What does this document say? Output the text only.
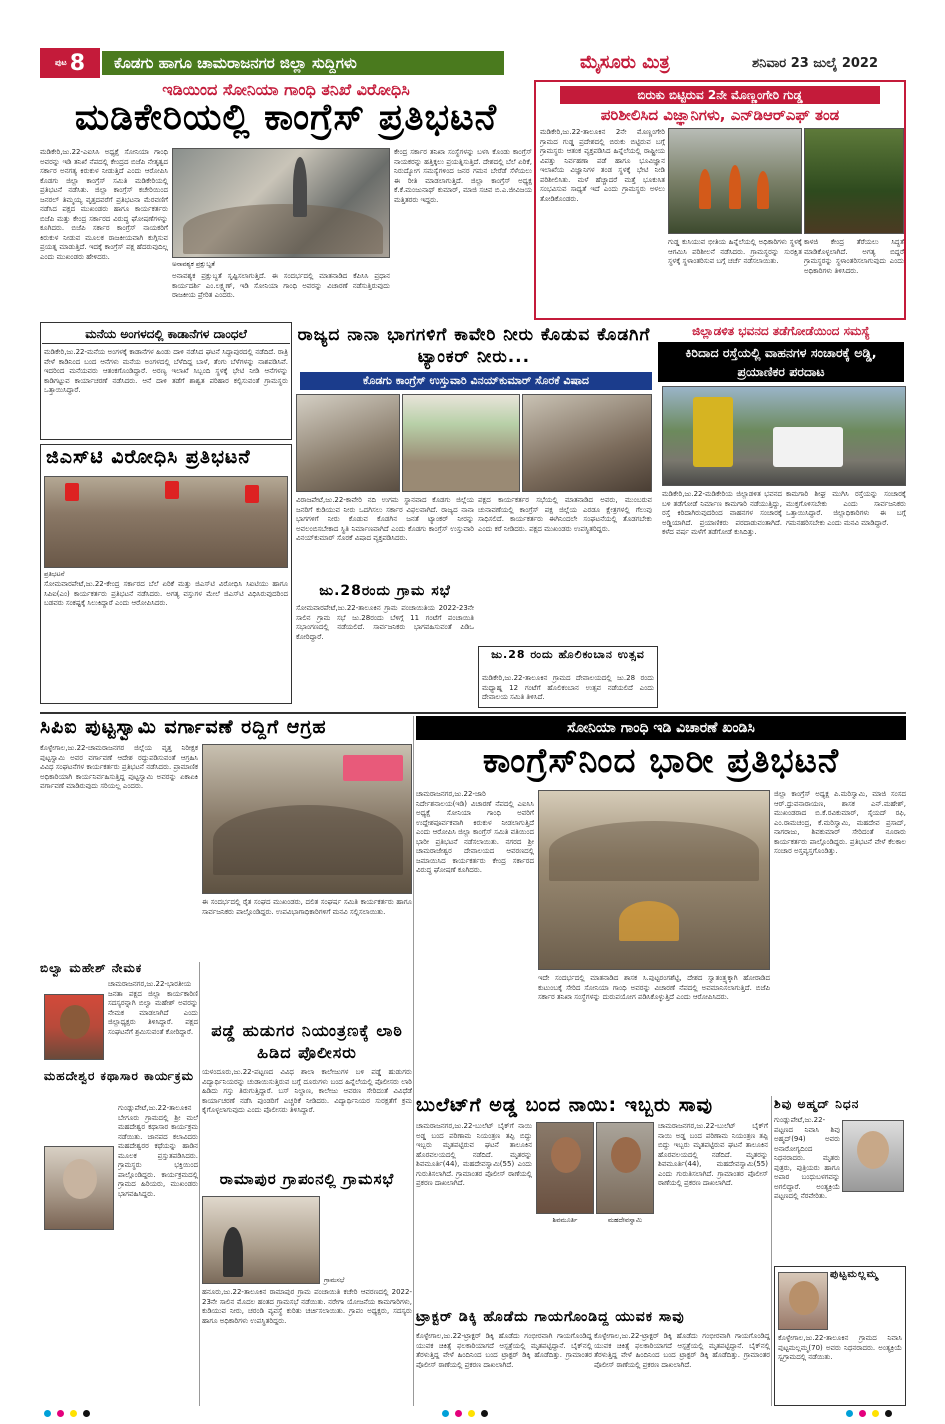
ಪುಟ 8 ಕೊಡಗು ಹಾಗೂ ಚಾಮರಾಜನಗರ ಜಿಲ್ಲಾ ಸುದ್ದಿಗಳು	ಮೈಸೂರು ಮಿತ್ರ	ಶನಿವಾರ 23 ಜುಲೈ 2022
ಇಡಿಯಿಂದ ಸೋನಿಯಾ ಗಾಂಧಿ ತನಿಖೆ ವಿರೋಧಿಸಿ
ಮಡಿಕೇರಿಯಲ್ಲಿ ಕಾಂಗ್ರೆಸ್ ಪ್ರತಿಭಟನೆ
ಮಡಿಕೇರಿ,ಜು.22-ಎಐಸಿಸಿ ಅಧ್ಯಕ್ಷೆ ಸೋನಿಯಾ ಗಾಂಧಿ ಅವರನ್ನು ಇಡಿ ತನಿಖೆ ನೆಪದಲ್ಲಿ ಕೇಂದ್ರದ ಬಿಜೆಪಿ ನೇತೃತ್ವದ ಸರ್ಕಾರ ಅನಗತ್ಯ ಕಿರುಕುಳ ನೀಡುತ್ತಿದೆ ಎಂದು ಆರೋಪಿಸಿ ಕೊಡಗು ಜಿಲ್ಲಾ ಕಾಂಗ್ರೆಸ್ ಸಮಿತಿ ಮಡಿಕೇರಿಯಲ್ಲಿ ಪ್ರತಿಭಟನೆ ನಡೆಸಿತು. ಜಿಲ್ಲಾ ಕಾಂಗ್ರೆಸ್ ಕಚೇರಿಯಿಂದ ಜನರಲ್ ತಿಮ್ಮಯ್ಯ ವೃತ್ತದವರೆಗೆ ಪ್ರತಿಭಟನಾ ಮೆರವಣಿಗೆ ನಡೆಸಿದ ಪಕ್ಷದ ಮುಖಂಡರು ಹಾಗೂ ಕಾರ್ಯಕರ್ತರು ಬಿಜೆಪಿ ಮತ್ತು ಕೇಂದ್ರ ಸರ್ಕಾರದ ವಿರುದ್ಧ ಘೋಷಣೆಗಳನ್ನು ಕೂಗಿದರು. ಬಿಜೆಪಿ ಸರ್ಕಾರ ಕಾಂಗ್ರೆಸ್ ನಾಯಕರಿಗೆ ಕಿರುಕುಳ ನೀಡುವ ಮೂಲಕ ರಾಜಕೀಯವಾಗಿ ಕುಗ್ಗಿಸುವ ಪ್ರಯತ್ನ ಮಾಡುತ್ತಿದೆ. ಇದಕ್ಕೆ ಕಾಂಗ್ರೆಸ್ ಪಕ್ಷ ಹೆದರುವುದಿಲ್ಲ ಎಂದು ಮುಖಂಡರು ಹೇಳಿದರು.
ಕೇಂದ್ರ ಸರ್ಕಾರ ತನಿಖಾ ಸಂಸ್ಥೆಗಳನ್ನು ಬಳಸಿ ಕೊಂಡು ಕಾಂಗ್ರೆಸ್ ನಾಯಕರನ್ನು ಹತ್ತಿಕ್ಕಲು ಪ್ರಯತ್ನಿಸುತ್ತಿದೆ. ದೇಶದಲ್ಲಿ ಬೆಲೆ ಏರಿಕೆ, ನಿರುದ್ಯೋಗ ಸಮಸ್ಯೆಗಳಿಂದ ಜನರ ಗಮನ ಬೇರೆಡೆ ಸೆಳೆಯಲು ಈ ರೀತಿ ಮಾಡಲಾಗುತ್ತಿದೆ. ಜಿಲ್ಲಾ ಕಾಂಗ್ರೆಸ್ ಅಧ್ಯಕ್ಷ ಕೆ.ಕೆ.ಮಂಜುನಾಥ್ ಕುಮಾರ್, ಮಾಜಿ ಸಚಿವ ಬಿ.ಎ.ಜೀವಿಜಯ ಮತ್ತಿತರರು ಇದ್ದರು.
ಅನಾವಶ್ಯಕ ಪ್ರಕ್ಷುಬ್ಧತೆ
ಅನಾವಶ್ಯಕ ಪ್ರಕ್ಷುಬ್ಧತೆ ಸೃಷ್ಟಿಸಲಾಗುತ್ತಿದೆ. ಈ ಸಂದರ್ಭದಲ್ಲಿ ಮಾತನಾಡಿದ ಕೆಪಿಸಿಸಿ ಪ್ರಧಾನ ಕಾರ್ಯದರ್ಶಿ ಎಂ.ಲಕ್ಷ್ಮಣ್, ಇಡಿ ಸೋನಿಯಾ ಗಾಂಧಿ ಅವರನ್ನು ವಿಚಾರಣೆ ನಡೆಸುತ್ತಿರುವುದು ರಾಜಕೀಯ ಪ್ರೇರಿತ ಎಂದರು.
ಬಿರುಕು ಬಿಟ್ಟಿರುವ 2ನೇ ಮೊಣ್ಣಂಗೇರಿ ಗುಡ್ಡ
ಪರಿಶೀಲಿಸಿದ ವಿಜ್ಞಾನಿಗಳು, ಎನ್‌ಡಿಆರ್‌ಎಫ್ ತಂಡ
ಮಡಿಕೇರಿ,ಜು.22-ತಾಲೂಕಿನ 2ನೇ ಮೊಣ್ಣಂಗೇರಿ ಗ್ರಾಮದ ಗುಡ್ಡ ಪ್ರದೇಶದಲ್ಲಿ ಬಿರುಕು ಬಿಟ್ಟಿರುವ ಬಗ್ಗೆ ಗ್ರಾಮಸ್ಥರು ಆತಂಕ ವ್ಯಕ್ತಪಡಿಸಿದ ಹಿನ್ನೆಲೆಯಲ್ಲಿ ರಾಷ್ಟ್ರೀಯ ವಿಪತ್ತು ನಿರ್ವಹಣಾ ಪಡೆ ಹಾಗೂ ಭೂವಿಜ್ಞಾನ ಇಲಾಖೆಯ ವಿಜ್ಞಾನಿಗಳ ತಂಡ ಸ್ಥಳಕ್ಕೆ ಭೇಟಿ ನೀಡಿ ಪರಿಶೀಲಿಸಿತು. ಮಳೆ ಹೆಚ್ಚಾದರೆ ಮತ್ತೆ ಭೂಕುಸಿತ ಸಂಭವಿಸುವ ಸಾಧ್ಯತೆ ಇದೆ ಎಂದು ಗ್ರಾಮಸ್ಥರು ಅಳಲು ತೋಡಿಕೊಂಡರು.
ಗುಡ್ಡ ಕುಸಿಯುವ ಭೀತಿಯ ಹಿನ್ನೆಲೆಯಲ್ಲಿ ಅಧಿಕಾರಿಗಳು ಸ್ಥಳಕ್ಕೆ ಆಗಮಿಸಿ ಪರಿಶೀಲನೆ ನಡೆಸಿದರು. ಗ್ರಾಮಸ್ಥರನ್ನು ಸುರಕ್ಷಿತ ಸ್ಥಳಕ್ಕೆ ಸ್ಥಳಾಂತರಿಸುವ ಬಗ್ಗೆ ಚರ್ಚೆ ನಡೆಸಲಾಯಿತು.
ಕಾಳಜಿ ಕೇಂದ್ರ ತೆರೆಯಲು ಸಿದ್ಧತೆ ಮಾಡಿಕೊಳ್ಳಲಾಗಿದೆ. ಅಗತ್ಯ ಬಿದ್ದರೆ ಗ್ರಾಮಸ್ಥರನ್ನು ಸ್ಥಳಾಂತರಿಸಲಾಗುವುದು ಎಂದು ಅಧಿಕಾರಿಗಳು ತಿಳಿಸಿದರು.
ಮನೆಯ ಅಂಗಳದಲ್ಲಿ ಕಾಡಾನೆಗಳ ದಾಂಧಲೆ
ಮಡಿಕೇರಿ,ಜು.22-ಮನೆಯ ಅಂಗಳಕ್ಕೆ ಕಾಡಾನೆಗಳ ಹಿಂಡು ದಾಳಿ ನಡೆಸಿದ ಘಟನೆ ಸಿದ್ದಾಪುರದಲ್ಲಿ ನಡೆದಿದೆ. ರಾತ್ರಿ ವೇಳೆ ಕಾಡಿನಿಂದ ಬಂದ ಆನೆಗಳು ಮನೆಯ ಅಂಗಳದಲ್ಲಿ ಬೆಳೆದಿದ್ದ ಬಾಳೆ, ತೆಂಗು ಬೆಳೆಗಳನ್ನು ನಾಶಪಡಿಸಿವೆ. ಇದರಿಂದ ಮನೆಯವರು ಆತಂಕಗೊಂಡಿದ್ದಾರೆ. ಅರಣ್ಯ ಇಲಾಖೆ ಸಿಬ್ಬಂದಿ ಸ್ಥಳಕ್ಕೆ ಭೇಟಿ ನೀಡಿ ಆನೆಗಳನ್ನು ಕಾಡಿಗಟ್ಟುವ ಕಾರ್ಯಾಚರಣೆ ನಡೆಸಿದರು. ಆನೆ ದಾಳಿ ತಡೆಗೆ ಶಾಶ್ವತ ಪರಿಹಾರ ಕಲ್ಪಿಸುವಂತೆ ಗ್ರಾಮಸ್ಥರು ಒತ್ತಾಯಿಸಿದ್ದಾರೆ.
ರಾಜ್ಯದ ನಾನಾ ಭಾಗಗಳಿಗೆ ಕಾವೇರಿ ನೀರು ಕೊಡುವ ಕೊಡಗಿಗೆ ಟ್ಯಾಂಕರ್ ನೀರು...
ಕೊಡಗು ಕಾಂಗ್ರೆಸ್ ಉಸ್ತುವಾರಿ ವಿನಯ್‌ಕುಮಾರ್ ಸೊರಕೆ ವಿಷಾದ
ವಿರಾಜಪೇಟೆ,ಜು.22-ಕಾವೇರಿ ನದಿ ಉಗಮ ಸ್ಥಾನವಾದ ಕೊಡಗು ಜಿಲ್ಲೆಯ ಜನರಿಗೆ ಕುಡಿಯುವ ನೀರು ಒದಗಿಸಲು ಸರ್ಕಾರ ವಿಫಲವಾಗಿದೆ. ರಾಜ್ಯದ ನಾನಾ ಭಾಗಗಳಿಗೆ ನೀರು ಕೊಡುವ ಕೊಡಗಿನ ಜನತೆ ಟ್ಯಾಂಕರ್ ನೀರನ್ನು ಅವಲಂಬಿಸಬೇಕಾದ ಸ್ಥಿತಿ ನಿರ್ಮಾಣವಾಗಿದೆ ಎಂದು ಕೊಡಗು ಕಾಂಗ್ರೆಸ್ ಉಸ್ತುವಾರಿ ವಿನಯ್‌ಕುಮಾರ್ ಸೊರಕೆ ವಿಷಾದ ವ್ಯಕ್ತಪಡಿಸಿದರು.
ಪಕ್ಷದ ಕಾರ್ಯಕರ್ತರ ಸಭೆಯಲ್ಲಿ ಮಾತನಾಡಿದ ಅವರು, ಮುಂಬರುವ ಚುನಾವಣೆಯಲ್ಲಿ ಕಾಂಗ್ರೆಸ್ ಪಕ್ಷ ಜಿಲ್ಲೆಯ ಎರಡೂ ಕ್ಷೇತ್ರಗಳಲ್ಲಿ ಗೆಲುವು ಸಾಧಿಸಲಿದೆ. ಕಾರ್ಯಕರ್ತರು ಈಗಿನಿಂದಲೇ ಸಂಘಟನೆಯಲ್ಲಿ ತೊಡಗಬೇಕು ಎಂದು ಕರೆ ನೀಡಿದರು. ಪಕ್ಷದ ಮುಖಂಡರು ಉಪಸ್ಥಿತರಿದ್ದರು.
ಜಿಲ್ಲಾಡಳಿತ ಭವನದ ತಡೆಗೋಡೆಯಿಂದ ಸಮಸ್ಯೆ
ಕಿರಿದಾದ ರಸ್ತೆಯಲ್ಲಿ ವಾಹನಗಳ ಸಂಚಾರಕ್ಕೆ ಅಡ್ಡಿ, ಪ್ರಯಾಣಿಕರ ಪರದಾಟ
ಮಡಿಕೇರಿ,ಜು.22-ಮಡಿಕೇರಿಯ ಜಿಲ್ಲಾಡಳಿತ ಭವನದ ಬಳಿ ತಡೆಗೋಡೆ ನಿರ್ಮಾಣ ಕಾಮಗಾರಿ ನಡೆಯುತ್ತಿದ್ದು, ರಸ್ತೆ ಕಿರಿದಾಗಿರುವುದರಿಂದ ವಾಹನಗಳ ಸಂಚಾರಕ್ಕೆ ಅಡ್ಡಿಯಾಗಿದೆ. ಪ್ರಯಾಣಿಕರು ಪರದಾಡುವಂತಾಗಿದೆ. ಕಳೆದ ವರ್ಷ ಮಳೆಗೆ ತಡೆಗೋಡೆ ಕುಸಿದಿತ್ತು.
ಕಾಮಗಾರಿ ಶೀಘ್ರ ಮುಗಿಸಿ ರಸ್ತೆಯನ್ನು ಸಂಚಾರಕ್ಕೆ ಮುಕ್ತಗೊಳಿಸಬೇಕು ಎಂದು ಸಾರ್ವಜನಿಕರು ಒತ್ತಾಯಿಸಿದ್ದಾರೆ. ಜಿಲ್ಲಾಧಿಕಾರಿಗಳು ಈ ಬಗ್ಗೆ ಗಮನಹರಿಸಬೇಕು ಎಂದು ಮನವಿ ಮಾಡಿದ್ದಾರೆ.
ಜಿಎಸ್‌ಟಿ ವಿರೋಧಿಸಿ ಪ್ರತಿಭಟನೆ
ಪ್ರತಿಭಟನೆ
ಸೋಮವಾರಪೇಟೆ,ಜು.22-ಕೇಂದ್ರ ಸರ್ಕಾರದ ಬೆಲೆ ಏರಿಕೆ ಮತ್ತು ಜಿಎಸ್‌ಟಿ ವಿರೋಧಿಸಿ ಸಿಐಟಿಯು ಹಾಗೂ ಸಿಪಿಐ(ಎಂ) ಕಾರ್ಯಕರ್ತರು ಪ್ರತಿಭಟನೆ ನಡೆಸಿದರು. ಅಗತ್ಯ ವಸ್ತುಗಳ ಮೇಲೆ ಜಿಎಸ್‌ಟಿ ವಿಧಿಸಿರುವುದರಿಂದ ಬಡವರು ಸಂಕಷ್ಟಕ್ಕೆ ಸಿಲುಕಿದ್ದಾರೆ ಎಂದು ಆರೋಪಿಸಿದರು.
ಜು.28ರಂದು ಗ್ರಾಮ ಸಭೆ
ಸೋಮವಾರಪೇಟೆ,ಜು.22-ತಾಲೂಕಿನ ಗ್ರಾಮ ಪಂಚಾಯಿತಿಯ 2022-23ನೇ ಸಾಲಿನ ಗ್ರಾಮ ಸಭೆ ಜು.28ರಂದು ಬೆಳಿಗ್ಗೆ 11 ಗಂಟೆಗೆ ಪಂಚಾಯಿತಿ ಸಭಾಂಗಣದಲ್ಲಿ ನಡೆಯಲಿದೆ. ಸಾರ್ವಜನಿಕರು ಭಾಗವಹಿಸುವಂತೆ ಪಿಡಿಒ ಕೋರಿದ್ದಾರೆ.
ಜು.28 ರಂದು ಹೊಲಿಕಂಬಾನ ಉತ್ಸವ
ಮಡಿಕೇರಿ,ಜು.22-ತಾಲೂಕಿನ ಗ್ರಾಮದ ದೇವಾಲಯದಲ್ಲಿ ಜು.28 ರಂದು ಮಧ್ಯಾಹ್ನ 12 ಗಂಟೆಗೆ ಹೊಲಿಕಂಬಾನ ಉತ್ಸವ ನಡೆಯಲಿದೆ ಎಂದು ದೇವಾಲಯ ಸಮಿತಿ ತಿಳಿಸಿದೆ.
ಸಿಪಿಐ ಪುಟ್ಟಸ್ವಾಮಿ ವರ್ಗಾವಣೆ ರದ್ದಿಗೆ ಆಗ್ರಹ
ಕೊಳ್ಳೇಗಾಲ,ಜು.22-ಚಾಮರಾಜನಗರ ಜಿಲ್ಲೆಯ ವೃತ್ತ ನಿರೀಕ್ಷಕ ಪುಟ್ಟಸ್ವಾಮಿ ಅವರ ವರ್ಗಾವಣೆ ಆದೇಶ ರದ್ದುಪಡಿಸುವಂತೆ ಆಗ್ರಹಿಸಿ ವಿವಿಧ ಸಂಘಟನೆಗಳ ಕಾರ್ಯಕರ್ತರು ಪ್ರತಿಭಟನೆ ನಡೆಸಿದರು. ಪ್ರಾಮಾಣಿಕ ಅಧಿಕಾರಿಯಾಗಿ ಕಾರ್ಯನಿರ್ವಹಿಸುತ್ತಿದ್ದ ಪುಟ್ಟಸ್ವಾಮಿ ಅವರನ್ನು ಏಕಾಏಕಿ ವರ್ಗಾವಣೆ ಮಾಡಿರುವುದು ಸರಿಯಲ್ಲ ಎಂದರು.
ಈ ಸಂದರ್ಭದಲ್ಲಿ ರೈತ ಸಂಘದ ಮುಖಂಡರು, ದಲಿತ ಸಂಘರ್ಷ ಸಮಿತಿ ಕಾರ್ಯಕರ್ತರು ಹಾಗೂ ಸಾರ್ವಜನಿಕರು ಪಾಲ್ಗೊಂಡಿದ್ದರು. ಉಪವಿಭಾಗಾಧಿಕಾರಿಗಳಿಗೆ ಮನವಿ ಸಲ್ಲಿಸಲಾಯಿತು.
ಸೋನಿಯಾ ಗಾಂಧಿ ಇಡಿ ವಿಚಾರಣೆ ಖಂಡಿಸಿ
ಕಾಂಗ್ರೆಸ್‌ನಿಂದ ಭಾರೀ ಪ್ರತಿಭಟನೆ
ಚಾಮರಾಜನಗರ,ಜು.22-ಜಾರಿ ನಿರ್ದೇಶನಾಲಯ(ಇಡಿ) ವಿಚಾರಣೆ ನೆಪದಲ್ಲಿ ಎಐಸಿಸಿ ಅಧ್ಯಕ್ಷೆ ಸೋನಿಯಾ ಗಾಂಧಿ ಅವರಿಗೆ ಉದ್ದೇಶಪೂರ್ವಕವಾಗಿ ಕಿರುಕುಳ ನೀಡಲಾಗುತ್ತಿದೆ ಎಂದು ಆರೋಪಿಸಿ ಜಿಲ್ಲಾ ಕಾಂಗ್ರೆಸ್ ಸಮಿತಿ ವತಿಯಿಂದ ಭಾರೀ ಪ್ರತಿಭಟನೆ ನಡೆಸಲಾಯಿತು. ನಗರದ ಶ್ರೀ ಚಾಮರಾಜೇಶ್ವರ ದೇವಾಲಯದ ಆವರಣದಲ್ಲಿ ಜಮಾಯಿಸಿದ ಕಾರ್ಯಕರ್ತರು ಕೇಂದ್ರ ಸರ್ಕಾರದ ವಿರುದ್ಧ ಘೋಷಣೆ ಕೂಗಿದರು.
ಇದೇ ಸಂದರ್ಭದಲ್ಲಿ ಮಾತನಾಡಿದ ಶಾಸಕ ಸಿ.ಪುಟ್ಟರಂಗಶೆಟ್ಟಿ, ದೇಶದ ಸ್ವಾತಂತ್ರ್ಯಕ್ಕಾಗಿ ಹೋರಾಡಿದ ಕುಟುಂಬಕ್ಕೆ ಸೇರಿದ ಸೋನಿಯಾ ಗಾಂಧಿ ಅವರನ್ನು ವಿಚಾರಣೆ ನೆಪದಲ್ಲಿ ಅವಮಾನಿಸಲಾಗುತ್ತಿದೆ. ಬಿಜೆಪಿ ಸರ್ಕಾರ ತನಿಖಾ ಸಂಸ್ಥೆಗಳನ್ನು ದುರುಪಯೋಗ ಪಡಿಸಿಕೊಳ್ಳುತ್ತಿದೆ ಎಂದು ಆರೋಪಿಸಿದರು.
ಜಿಲ್ಲಾ ಕಾಂಗ್ರೆಸ್ ಅಧ್ಯಕ್ಷ ಪಿ.ಮರಿಸ್ವಾಮಿ, ಮಾಜಿ ಸಂಸದ ಆರ್.ಧ್ರುವನಾರಾಯಣ, ಶಾಸಕ ಎನ್.ಮಹೇಶ್, ಮುಖಂಡರಾದ ಬಿ.ಕೆ.ರವಿಕುಮಾರ್, ಸೈಯದ್ ರಫಿ, ಎಂ.ರಾಮಚಂದ್ರ, ಕೆ.ಮರಿಸ್ವಾಮಿ, ಮಹದೇವ ಪ್ರಸಾದ್, ನಾಗರಾಜು, ಶಿವಕುಮಾರ್ ಸೇರಿದಂತೆ ನೂರಾರು ಕಾರ್ಯಕರ್ತರು ಪಾಲ್ಗೊಂಡಿದ್ದರು. ಪ್ರತಿಭಟನೆ ವೇಳೆ ಕೆಲಕಾಲ ಸಂಚಾರ ಅಸ್ತವ್ಯಸ್ತಗೊಂಡಿತ್ತು.
ಬಿಲ್ವಾ ಮಹೇಶ್ ನೇಮಕ
ಚಾಮರಾಜನಗರ,ಜು.22-ಭಾರತೀಯ ಜನತಾ ಪಕ್ಷದ ಜಿಲ್ಲಾ ಕಾರ್ಯಕಾರಿಣಿ ಸದಸ್ಯರನ್ನಾಗಿ ಬಿಲ್ವಾ ಮಹೇಶ್ ಅವರನ್ನು ನೇಮಕ ಮಾಡಲಾಗಿದೆ ಎಂದು ಜಿಲ್ಲಾಧ್ಯಕ್ಷರು ತಿಳಿಸಿದ್ದಾರೆ. ಪಕ್ಷದ ಸಂಘಟನೆಗೆ ಶ್ರಮಿಸುವಂತೆ ಕೋರಿದ್ದಾರೆ.
ಮಹದೇಶ್ವರ ಕಥಾಸಾರ ಕಾರ್ಯಕ್ರಮ
ಗುಂಡ್ಲುಪೇಟೆ,ಜು.22-ತಾಲೂಕಿನ ಬೇಗೂರು ಗ್ರಾಮದಲ್ಲಿ ಶ್ರೀ ಮಲೆ ಮಹದೇಶ್ವರ ಕಥಾಸಾರ ಕಾರ್ಯಕ್ರಮ ನಡೆಯಿತು. ಜಾನಪದ ಕಲಾವಿದರು ಮಹದೇಶ್ವರರ ಕಥೆಯನ್ನು ಹಾಡಿನ ಮೂಲಕ ಪ್ರಸ್ತುತಪಡಿಸಿದರು. ಗ್ರಾಮಸ್ಥರು ಭಕ್ತಿಯಿಂದ ಪಾಲ್ಗೊಂಡಿದ್ದರು. ಕಾರ್ಯಕ್ರಮದಲ್ಲಿ ಗ್ರಾಮದ ಹಿರಿಯರು, ಮುಖಂಡರು ಭಾಗವಹಿಸಿದ್ದರು.
ಪಡ್ಡೆ ಹುಡುಗರ ನಿಯಂತ್ರಣಕ್ಕೆ ಲಾಠಿ ಹಿಡಿದ ಪೊಲೀಸರು
ಯಳಂದೂರು,ಜು.22-ಪಟ್ಟಣದ ವಿವಿಧ ಶಾಲಾ ಕಾಲೇಜುಗಳ ಬಳಿ ಪಡ್ಡೆ ಹುಡುಗರು ವಿದ್ಯಾರ್ಥಿನಿಯರನ್ನು ಚುಡಾಯಿಸುತ್ತಿರುವ ಬಗ್ಗೆ ದೂರುಗಳು ಬಂದ ಹಿನ್ನೆಲೆಯಲ್ಲಿ ಪೊಲೀಸರು ಲಾಠಿ ಹಿಡಿದು ಗಸ್ತು ತಿರುಗುತ್ತಿದ್ದಾರೆ. ಬಸ್ ನಿಲ್ದಾಣ, ಕಾಲೇಜು ಆವರಣ ಸೇರಿದಂತೆ ವಿವಿಧೆಡೆ ಕಾರ್ಯಾಚರಣೆ ನಡೆಸಿ ಪುಂಡರಿಗೆ ಎಚ್ಚರಿಕೆ ನೀಡಿದರು. ವಿದ್ಯಾರ್ಥಿನಿಯರ ಸುರಕ್ಷತೆಗೆ ಕ್ರಮ ಕೈಗೊಳ್ಳಲಾಗುವುದು ಎಂದು ಪೊಲೀಸರು ತಿಳಿಸಿದ್ದಾರೆ.
ರಾಮಾಪುರ ಗ್ರಾಪಂನಲ್ಲಿ ಗ್ರಾಮಸಭೆ
ಗ್ರಾಮಸಭೆ
ಹನೂರು,ಜು.22-ತಾಲೂಕಿನ ರಾಮಾಪುರ ಗ್ರಾಮ ಪಂಚಾಯಿತಿ ಕಚೇರಿ ಆವರಣದಲ್ಲಿ 2022-23ನೇ ಸಾಲಿನ ಮೊದಲ ಹಂತದ ಗ್ರಾಮಸಭೆ ನಡೆಯಿತು. ನರೇಗಾ ಯೋಜನೆಯ ಕಾಮಗಾರಿಗಳು, ಕುಡಿಯುವ ನೀರು, ಚರಂಡಿ ವ್ಯವಸ್ಥೆ ಕುರಿತು ಚರ್ಚಿಸಲಾಯಿತು. ಗ್ರಾಪಂ ಅಧ್ಯಕ್ಷರು, ಸದಸ್ಯರು ಹಾಗೂ ಅಧಿಕಾರಿಗಳು ಉಪಸ್ಥಿತರಿದ್ದರು.
ಬುಲೆಟ್‌ಗೆ ಅಡ್ಡ ಬಂದ ನಾಯಿ: ಇಬ್ಬರು ಸಾವು
ಚಾಮರಾಜನಗರ,ಜು.22-ಬುಲೆಟ್ ಬೈಕ್‌ಗೆ ನಾಯಿ ಅಡ್ಡ ಬಂದ ಪರಿಣಾಮ ನಿಯಂತ್ರಣ ತಪ್ಪಿ ಬಿದ್ದು ಇಬ್ಬರು ಮೃತಪಟ್ಟಿರುವ ಘಟನೆ ತಾಲೂಕಿನ ಹೊರವಲಯದಲ್ಲಿ ನಡೆದಿದೆ. ಮೃತರನ್ನು ಶಿವಮೂರ್ತಿ(44), ಮಹದೇವಸ್ವಾಮಿ(55) ಎಂದು ಗುರುತಿಸಲಾಗಿದೆ. ಗ್ರಾಮಾಂತರ ಪೊಲೀಸ್ ಠಾಣೆಯಲ್ಲಿ ಪ್ರಕರಣ ದಾಖಲಾಗಿದೆ.
ಶಿವಮೂರ್ತಿ	ಮಹದೇವಸ್ವಾಮಿ
ಚಾಮರಾಜನಗರ,ಜು.22-ಬುಲೆಟ್ ಬೈಕ್‌ಗೆ ನಾಯಿ ಅಡ್ಡ ಬಂದ ಪರಿಣಾಮ ನಿಯಂತ್ರಣ ತಪ್ಪಿ ಬಿದ್ದು ಇಬ್ಬರು ಮೃತಪಟ್ಟಿರುವ ಘಟನೆ ತಾಲೂಕಿನ ಹೊರವಲಯದಲ್ಲಿ ನಡೆದಿದೆ. ಮೃತರನ್ನು ಶಿವಮೂರ್ತಿ(44), ಮಹದೇವಸ್ವಾಮಿ(55) ಎಂದು ಗುರುತಿಸಲಾಗಿದೆ. ಗ್ರಾಮಾಂತರ ಪೊಲೀಸ್ ಠಾಣೆಯಲ್ಲಿ ಪ್ರಕರಣ ದಾಖಲಾಗಿದೆ.
ಶಿವು ಅಹ್ಮದ್ ನಿಧನ
ಗುಂಡ್ಲುಪೇಟೆ,ಜು.22-ಪಟ್ಟಣದ ನಿವಾಸಿ ಶಿವು ಅಹ್ಮದ್(94) ಅವರು ಅನಾರೋಗ್ಯದಿಂದ ನಿಧನರಾದರು. ಮೃತರು ಪುತ್ರರು, ಪುತ್ರಿಯರು ಹಾಗೂ ಅಪಾರ ಬಂಧುಬಳಗವನ್ನು ಅಗಲಿದ್ದಾರೆ. ಅಂತ್ಯಕ್ರಿಯೆ ಪಟ್ಟಣದಲ್ಲಿ ನೆರವೇರಿತು.
ಪುಟ್ಟಮಲ್ಲಮ್ಮ
ಕೊಳ್ಳೇಗಾಲ,ಜು.22-ತಾಲೂಕಿನ ಗ್ರಾಮದ ನಿವಾಸಿ ಪುಟ್ಟಮಲ್ಲಮ್ಮ(70) ಅವರು ನಿಧನರಾದರು. ಅಂತ್ಯಕ್ರಿಯೆ ಸ್ವಗ್ರಾಮದಲ್ಲಿ ನಡೆಯಿತು.
ಟ್ರಾಕ್ಟರ್ ಡಿಕ್ಕಿ ಹೊಡೆದು ಗಾಯಗೊಂಡಿದ್ದ ಯುವಕ ಸಾವು
ಕೊಳ್ಳೇಗಾಲ,ಜು.22-ಟ್ರಾಕ್ಟರ್ ಡಿಕ್ಕಿ ಹೊಡೆದು ಗಂಭೀರವಾಗಿ ಗಾಯಗೊಂಡಿದ್ದ ಯುವಕ ಚಿಕಿತ್ಸೆ ಫಲಕಾರಿಯಾಗದೆ ಆಸ್ಪತ್ರೆಯಲ್ಲಿ ಮೃತಪಟ್ಟಿದ್ದಾನೆ. ಬೈಕ್‌ನಲ್ಲಿ ತೆರಳುತ್ತಿದ್ದ ವೇಳೆ ಹಿಂದಿನಿಂದ ಬಂದ ಟ್ರಾಕ್ಟರ್ ಡಿಕ್ಕಿ ಹೊಡೆದಿತ್ತು. ಗ್ರಾಮಾಂತರ ಪೊಲೀಸ್ ಠಾಣೆಯಲ್ಲಿ ಪ್ರಕರಣ ದಾಖಲಾಗಿದೆ.
ಕೊಳ್ಳೇಗಾಲ,ಜು.22-ಟ್ರಾಕ್ಟರ್ ಡಿಕ್ಕಿ ಹೊಡೆದು ಗಂಭೀರವಾಗಿ ಗಾಯಗೊಂಡಿದ್ದ ಯುವಕ ಚಿಕಿತ್ಸೆ ಫಲಕಾರಿಯಾಗದೆ ಆಸ್ಪತ್ರೆಯಲ್ಲಿ ಮೃತಪಟ್ಟಿದ್ದಾನೆ. ಬೈಕ್‌ನಲ್ಲಿ ತೆರಳುತ್ತಿದ್ದ ವೇಳೆ ಹಿಂದಿನಿಂದ ಬಂದ ಟ್ರಾಕ್ಟರ್ ಡಿಕ್ಕಿ ಹೊಡೆದಿತ್ತು. ಗ್ರಾಮಾಂತರ ಪೊಲೀಸ್ ಠಾಣೆಯಲ್ಲಿ ಪ್ರಕರಣ ದಾಖಲಾಗಿದೆ.
